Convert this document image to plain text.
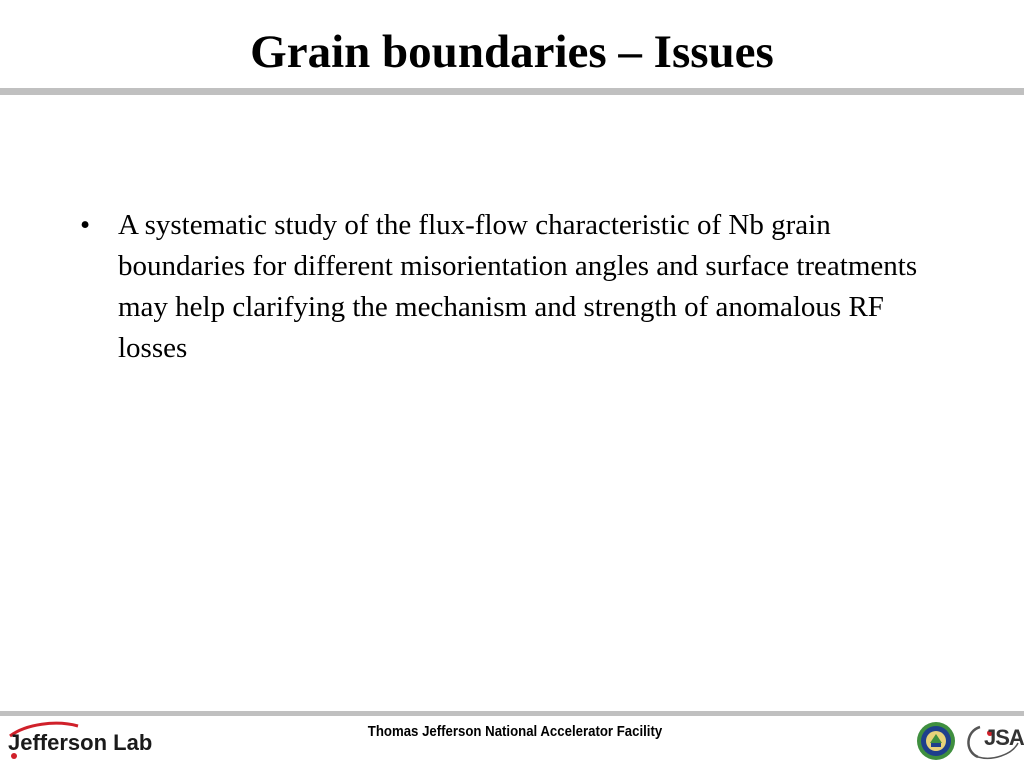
Grain boundaries – Issues
• A systematic study of the flux-flow characteristic of Nb grain boundaries for different misorientation angles and surface treatments may help clarifying the mechanism and strength of anomalous RF losses
Jefferson Lab	Thomas Jefferson National Accelerator Facility	JSA
